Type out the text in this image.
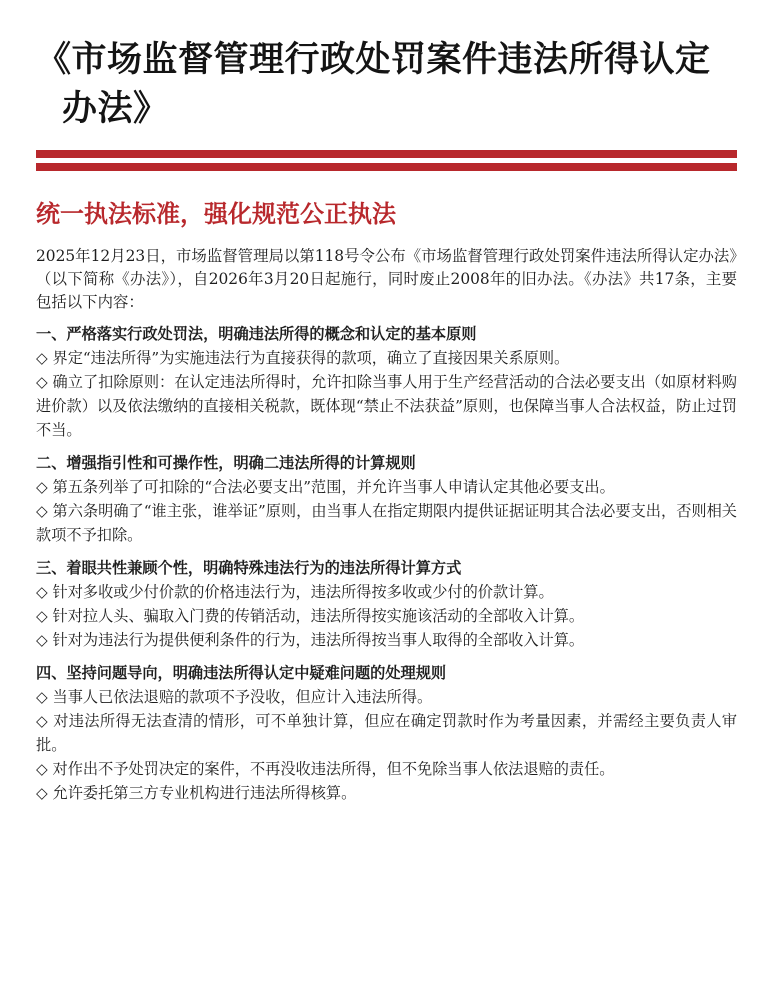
《市场监督管理行政处罚案件违法所得认定办法》
统一执法标准，强化规范公正执法

2025年12月23日，市场监督管理局以第118号令公布《市场监督管理行政处罚案件违法所得认定办法》（以下简称《办法》），自2026年3月20日起施行，同时废止2008年的旧办法。《办法》共17条，主要包括以下内容：

一、严格落实行政处罚法，明确违法所得的概念和认定的基本原则

◇ 界定“违法所得”为实施违法行为直接获得的款项，确立了直接因果关系原则。

◇ 确立了扣除原则：在认定违法所得时，允许扣除当事人用于生产经营活动的合法必要支出（如原材料购进价款）以及依法缴纳的直接相关税款，既体现“禁止不法获益”原则，也保障当事人合法权益，防止过罚不当。

二、增强指引性和可操作性，明确二违法所得的计算规则

◇ 第五条列举了可扣除的“合法必要支出”范围，并允许当事人申请认定其他必要支出。

◇ 第六条明确了“谁主张，谁举证”原则，由当事人在指定期限内提供证据证明其合法必要支出，否则相关款项不予扣除。

三、着眼共性兼顾个性，明确特殊违法行为的违法所得计算方式

◇ 针对多收或少付价款的价格违法行为，违法所得按多收或少付的价款计算。

◇ 针对拉人头、骗取入门费的传销活动，违法所得按实施该活动的全部收入计算。

◇ 针对为违法行为提供便利条件的行为，违法所得按当事人取得的全部收入计算。

四、坚持问题导向，明确违法所得认定中疑难问题的处理规则

◇ 当事人已依法退赔的款项不予没收，但应计入违法所得。

◇ 对违法所得无法查清的情形，可不单独计算，但应在确定罚款时作为考量因素，并需经主要负责人审批。

◇ 对作出不予处罚决定的案件，不再没收违法所得，但不免除当事人依法退赔的责任。

◇ 允许委托第三方专业机构进行违法所得核算。
